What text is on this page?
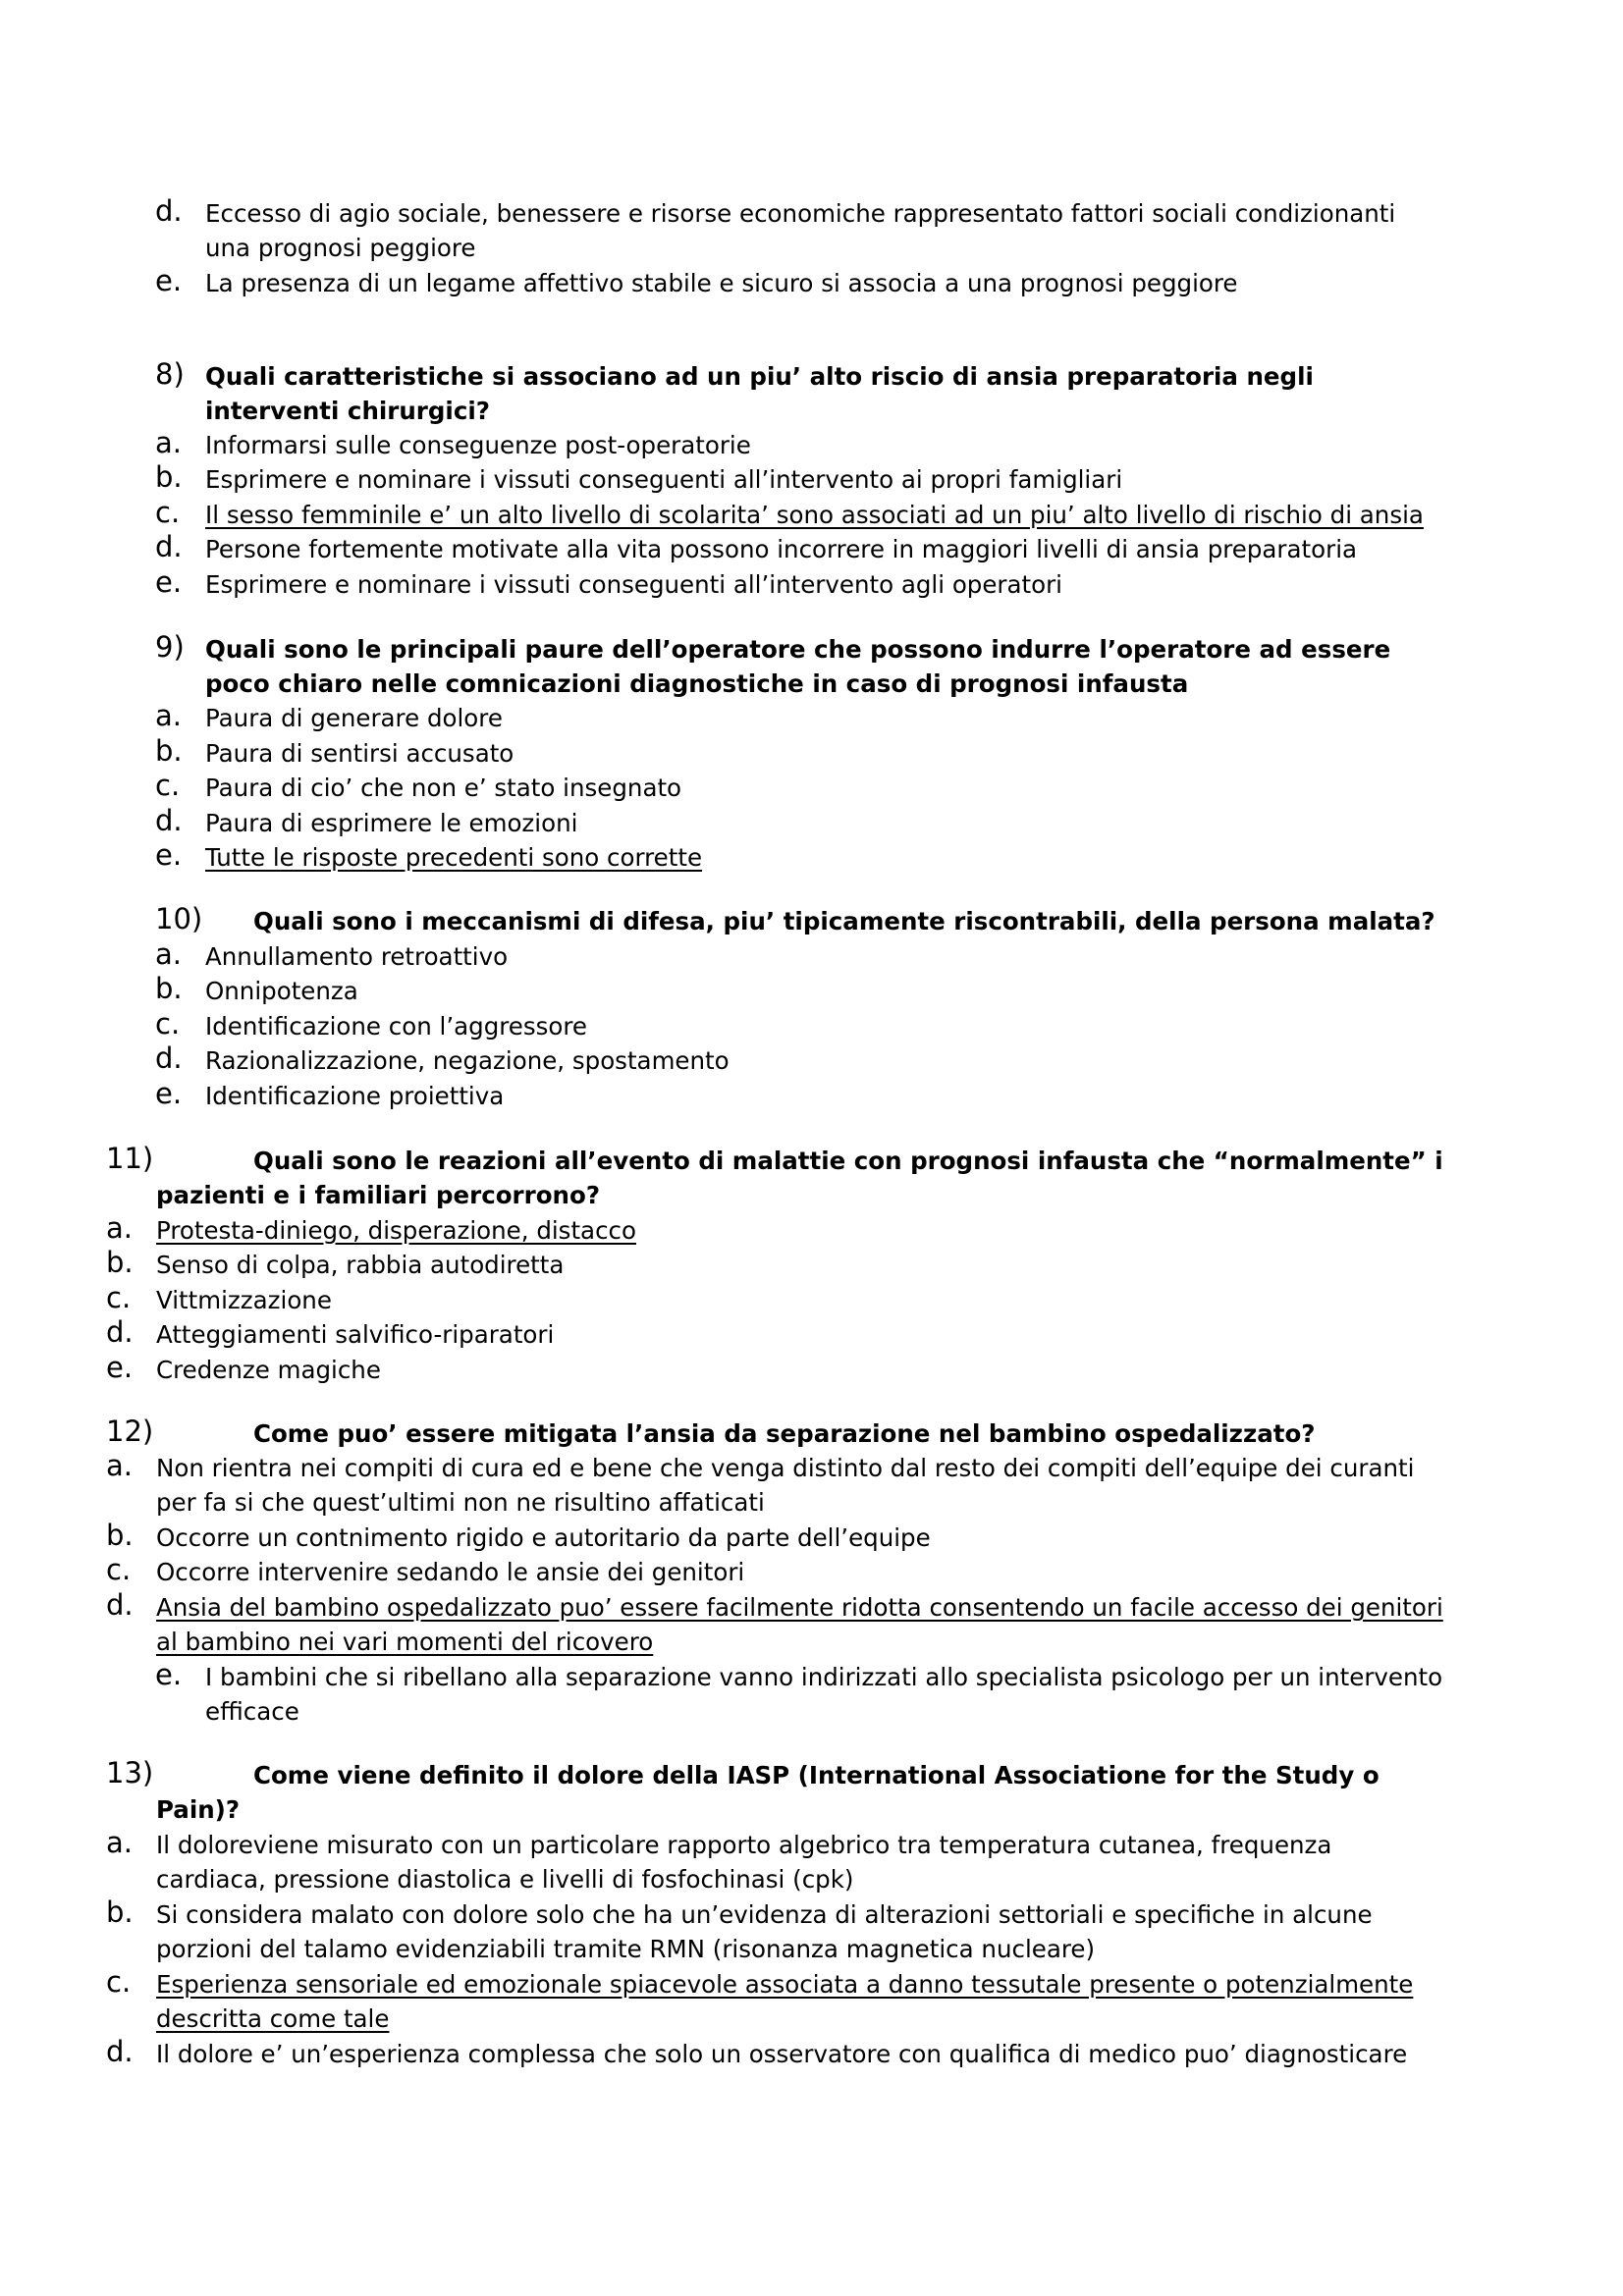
d. Eccesso di agio sociale, benessere e risorse economiche rappresentato fattori sociali condizionanti
una prognosi peggiore
e. La presenza di un legame affettivo stabile e sicuro si associa a una prognosi peggiore
8) Quali caratteristiche si associano ad un piu’ alto riscio di ansia preparatoria negli
interventi chirurgici?
a. Informarsi sulle conseguenze post-operatorie
b. Esprimere e nominare i vissuti conseguenti all’intervento ai propri famigliari
c. Il sesso femminile e’ un alto livello di scolarita’ sono associati ad un piu’ alto livello di rischio di ansia
d. Persone fortemente motivate alla vita possono incorrere in maggiori livelli di ansia preparatoria
e. Esprimere e nominare i vissuti conseguenti all’intervento agli operatori
9) Quali sono le principali paure dell’operatore che possono indurre l’operatore ad essere
poco chiaro nelle comnicazioni diagnostiche in caso di prognosi infausta
a. Paura di generare dolore
b. Paura di sentirsi accusato
c. Paura di cio’ che non e’ stato insegnato
d. Paura di esprimere le emozioni
e. Tutte le risposte precedenti sono corrette
10) Quali sono i meccanismi di difesa, piu’ tipicamente riscontrabili, della persona malata?
a. Annullamento retroattivo
b. Onnipotenza
c. Identificazione con l’aggressore
d. Razionalizzazione, negazione, spostamento
e. Identificazione proiettiva
11)	Quali sono le reazioni all’evento di malattie con prognosi infausta che “normalmente” i
pazienti e i familiari percorrono?
a. Protesta-diniego, disperazione, distacco
b. Senso di colpa, rabbia autodiretta
c. Vittmizzazione
d. Atteggiamenti salvifico-riparatori
e. Credenze magiche
12)	Come puo’ essere mitigata l’ansia da separazione nel bambino ospedalizzato?
a. Non rientra nei compiti di cura ed e bene che venga distinto dal resto dei compiti dell’equipe dei curanti
per fa si che quest’ultimi non ne risultino affaticati
b. Occorre un contnimento rigido e autoritario da parte dell’equipe
c. Occorre intervenire sedando le ansie dei genitori
d. Ansia del bambino ospedalizzato puo’ essere facilmente ridotta consentendo un facile accesso dei genitori
al bambino nei vari momenti del ricovero
e. I bambini che si ribellano alla separazione vanno indirizzati allo specialista psicologo per un intervento
efficace
13)	Come viene definito il dolore della IASP (International Associatione for the Study o
Pain)?
a. Il doloreviene misurato con un particolare rapporto algebrico tra temperatura cutanea, frequenza
cardiaca, pressione diastolica e livelli di fosfochinasi (cpk)
b. Si considera malato con dolore solo che ha un’evidenza di alterazioni settoriali e specifiche in alcune
porzioni del talamo evidenziabili tramite RMN (risonanza magnetica nucleare)
c. Esperienza sensoriale ed emozionale spiacevole associata a danno tessutale presente o potenzialmente
descritta come tale
d. Il dolore e’ un’esperienza complessa che solo un osservatore con qualifica di medico puo’ diagnosticare
